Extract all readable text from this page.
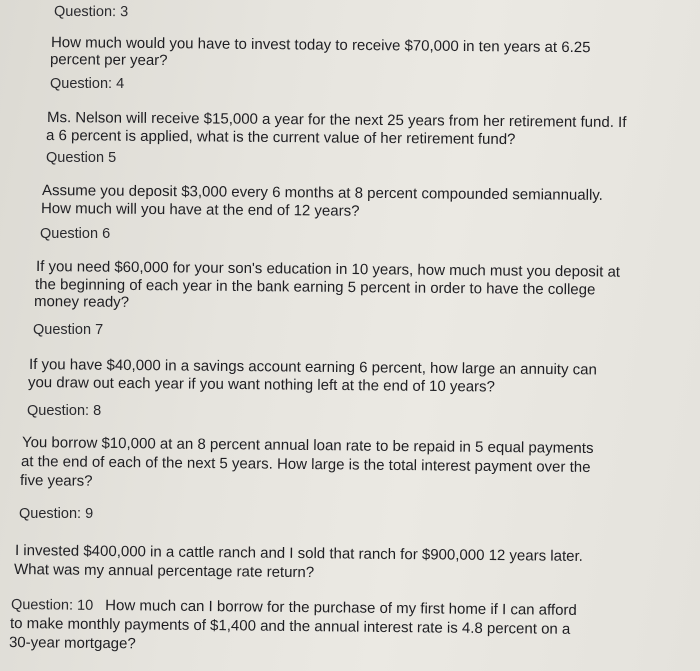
Question: 3

How much would you have to invest today to receive $70,000 in ten years at 6.25

percent per year?

Question: 4

Ms. Nelson will receive $15,000 a year for the next 25 years from her retirement fund. If

a 6 percent is applied, what is the current value of her retirement fund?

Question 5

Assume you deposit $3,000 every 6 months at 8 percent compounded semiannually.

How much will you have at the end of 12 years?

Question 6

If you need $60,000 for your son's education in 10 years, how much must you deposit at

the beginning of each year in the bank earning 5 percent in order to have the college

money ready?

Question 7

If you have $40,000 in a savings account earning 6 percent, how large an annuity can

you draw out each year if you want nothing left at the end of 10 years?

Question: 8

You borrow $10,000 at an 8 percent annual loan rate to be repaid in 5 equal payments

at the end of each of the next 5 years. How large is the total interest payment over the

five years?

Question: 9

I invested $400,000 in a cattle ranch and I sold that ranch for $900,000 12 years later.

What was my annual percentage rate return?

Question: 10 How much can I borrow for the purchase of my first home if I can afford

to make monthly payments of $1,400 and the annual interest rate is 4.8 percent on a

30-year mortgage?
